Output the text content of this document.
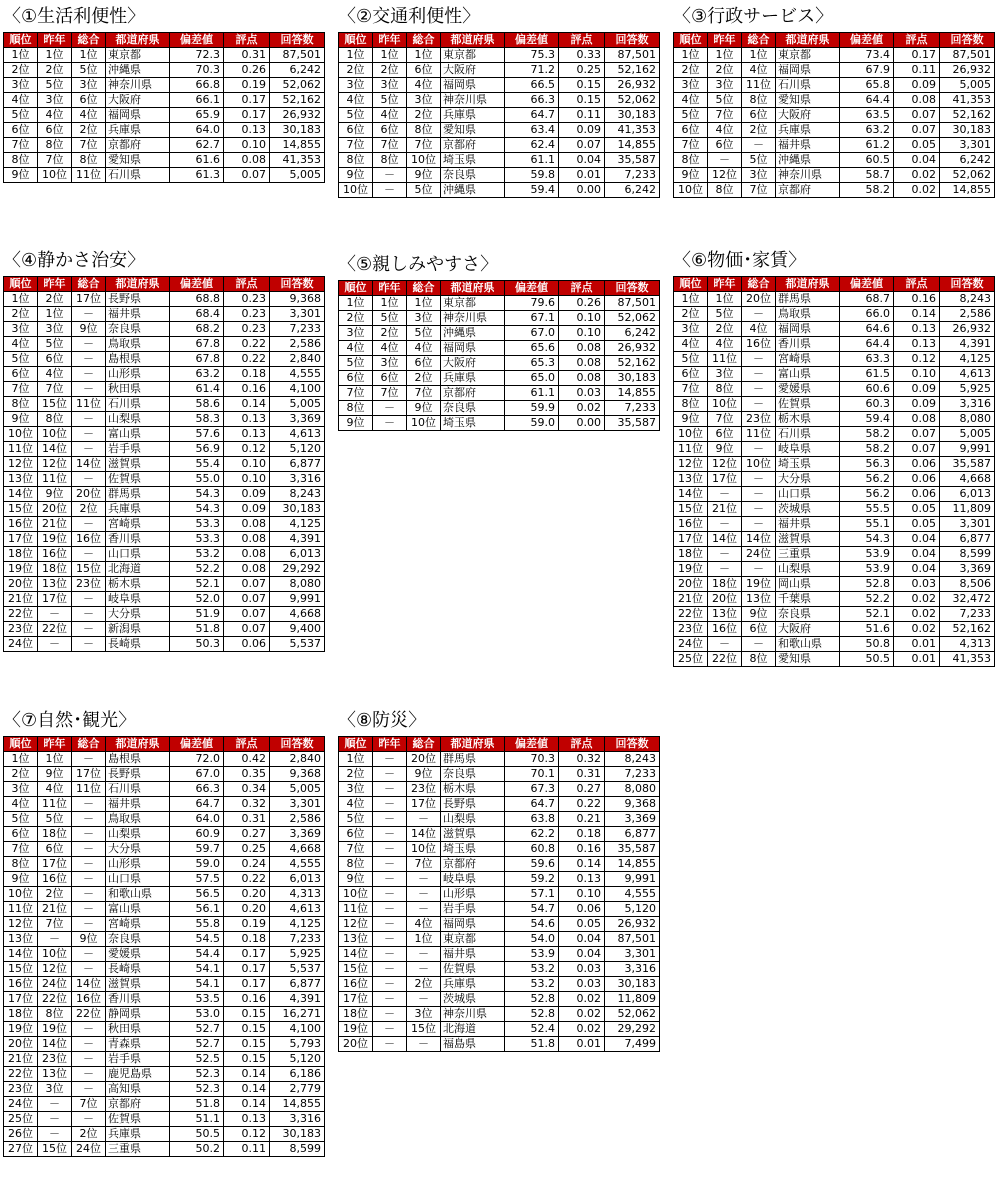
〈①生活利便性〉
順位	昨年	総合	都道府県	偏差値	評点	回答数
1位	1位	1位	東京都	72.3	0.31	87,501
2位	2位	5位	沖縄県	70.3	0.26	6,242
3位	5位	3位	神奈川県	66.8	0.19	52,062
4位	3位	6位	大阪府	66.1	0.17	52,162
5位	4位	4位	福岡県	65.9	0.17	26,932
6位	6位	2位	兵庫県	64.0	0.13	30,183
7位	8位	7位	京都府	62.7	0.10	14,855
8位	7位	8位	愛知県	61.6	0.08	41,353
9位	10位	11位	石川県	61.3	0.07	5,005
〈②交通利便性〉
順位	昨年	総合	都道府県	偏差値	評点	回答数
1位	1位	1位	東京都	75.3	0.33	87,501
2位	2位	6位	大阪府	71.2	0.25	52,162
3位	3位	4位	福岡県	66.5	0.15	26,932
4位	5位	3位	神奈川県	66.3	0.15	52,062
5位	4位	2位	兵庫県	64.7	0.11	30,183
6位	6位	8位	愛知県	63.4	0.09	41,353
7位	7位	7位	京都府	62.4	0.07	14,855
8位	8位	10位	埼玉県	61.1	0.04	35,587
9位	－	9位	奈良県	59.8	0.01	7,233
10位	－	5位	沖縄県	59.4	0.00	6,242
〈③行政サービス〉
順位	昨年	総合	都道府県	偏差値	評点	回答数
1位	1位	1位	東京都	73.4	0.17	87,501
2位	2位	4位	福岡県	67.9	0.11	26,932
3位	3位	11位	石川県	65.8	0.09	5,005
4位	5位	8位	愛知県	64.4	0.08	41,353
5位	7位	6位	大阪府	63.5	0.07	52,162
6位	4位	2位	兵庫県	63.2	0.07	30,183
7位	6位	－	福井県	61.2	0.05	3,301
8位	－	5位	沖縄県	60.5	0.04	6,242
9位	12位	3位	神奈川県	58.7	0.02	52,062
10位	8位	7位	京都府	58.2	0.02	14,855
〈④静かさ治安〉
順位	昨年	総合	都道府県	偏差値	評点	回答数
1位	2位	17位	長野県	68.8	0.23	9,368
2位	1位	－	福井県	68.4	0.23	3,301
3位	3位	9位	奈良県	68.2	0.23	7,233
4位	5位	－	鳥取県	67.8	0.22	2,586
5位	6位	－	島根県	67.8	0.22	2,840
6位	4位	－	山形県	63.2	0.18	4,555
7位	7位	－	秋田県	61.4	0.16	4,100
8位	15位	11位	石川県	58.6	0.14	5,005
9位	8位	－	山梨県	58.3	0.13	3,369
10位	10位	－	富山県	57.6	0.13	4,613
11位	14位	－	岩手県	56.9	0.12	5,120
12位	12位	14位	滋賀県	55.4	0.10	6,877
13位	11位	－	佐賀県	55.0	0.10	3,316
14位	9位	20位	群馬県	54.3	0.09	8,243
15位	20位	2位	兵庫県	54.3	0.09	30,183
16位	21位	－	宮崎県	53.3	0.08	4,125
17位	19位	16位	香川県	53.3	0.08	4,391
18位	16位	－	山口県	53.2	0.08	6,013
19位	18位	15位	北海道	52.2	0.08	29,292
20位	13位	23位	栃木県	52.1	0.07	8,080
21位	17位	－	岐阜県	52.0	0.07	9,991
22位	－	－	大分県	51.9	0.07	4,668
23位	22位	－	新潟県	51.8	0.07	9,400
24位	－	－	長崎県	50.3	0.06	5,537
〈⑤親しみやすさ〉
順位	昨年	総合	都道府県	偏差値	評点	回答数
1位	1位	1位	東京都	79.6	0.26	87,501
2位	5位	3位	神奈川県	67.1	0.10	52,062
3位	2位	5位	沖縄県	67.0	0.10	6,242
4位	4位	4位	福岡県	65.6	0.08	26,932
5位	3位	6位	大阪府	65.3	0.08	52,162
6位	6位	2位	兵庫県	65.0	0.08	30,183
7位	7位	7位	京都府	61.1	0.03	14,855
8位	－	9位	奈良県	59.9	0.02	7,233
9位	－	10位	埼玉県	59.0	0.00	35,587
〈⑥物価･家賃〉
順位	昨年	総合	都道府県	偏差値	評点	回答数
1位	1位	20位	群馬県	68.7	0.16	8,243
2位	5位	－	鳥取県	66.0	0.14	2,586
3位	2位	4位	福岡県	64.6	0.13	26,932
4位	4位	16位	香川県	64.4	0.13	4,391
5位	11位	－	宮崎県	63.3	0.12	4,125
6位	3位	－	富山県	61.5	0.10	4,613
7位	8位	－	愛媛県	60.6	0.09	5,925
8位	10位	－	佐賀県	60.3	0.09	3,316
9位	7位	23位	栃木県	59.4	0.08	8,080
10位	6位	11位	石川県	58.2	0.07	5,005
11位	9位	－	岐阜県	58.2	0.07	9,991
12位	12位	10位	埼玉県	56.3	0.06	35,587
13位	17位	－	大分県	56.2	0.06	4,668
14位	－	－	山口県	56.2	0.06	6,013
15位	21位	－	茨城県	55.5	0.05	11,809
16位	－	－	福井県	55.1	0.05	3,301
17位	14位	14位	滋賀県	54.3	0.04	6,877
18位	－	24位	三重県	53.9	0.04	8,599
19位	－	－	山梨県	53.9	0.04	3,369
20位	18位	19位	岡山県	52.8	0.03	8,506
21位	20位	13位	千葉県	52.2	0.02	32,472
22位	13位	9位	奈良県	52.1	0.02	7,233
23位	16位	6位	大阪府	51.6	0.02	52,162
24位	－	－	和歌山県	50.8	0.01	4,313
25位	22位	8位	愛知県	50.5	0.01	41,353
〈⑦自然･観光〉
順位	昨年	総合	都道府県	偏差値	評点	回答数
1位	1位	－	島根県	72.0	0.42	2,840
2位	9位	17位	長野県	67.0	0.35	9,368
3位	4位	11位	石川県	66.3	0.34	5,005
4位	11位	－	福井県	64.7	0.32	3,301
5位	5位	－	鳥取県	64.0	0.31	2,586
6位	18位	－	山梨県	60.9	0.27	3,369
7位	6位	－	大分県	59.7	0.25	4,668
8位	17位	－	山形県	59.0	0.24	4,555
9位	16位	－	山口県	57.5	0.22	6,013
10位	2位	－	和歌山県	56.5	0.20	4,313
11位	21位	－	富山県	56.1	0.20	4,613
12位	7位	－	宮崎県	55.8	0.19	4,125
13位	－	9位	奈良県	54.5	0.18	7,233
14位	10位	－	愛媛県	54.4	0.17	5,925
15位	12位	－	長崎県	54.1	0.17	5,537
16位	24位	14位	滋賀県	54.1	0.17	6,877
17位	22位	16位	香川県	53.5	0.16	4,391
18位	8位	22位	静岡県	53.0	0.15	16,271
19位	19位	－	秋田県	52.7	0.15	4,100
20位	14位	－	青森県	52.7	0.15	5,793
21位	23位	－	岩手県	52.5	0.15	5,120
22位	13位	－	鹿児島県	52.3	0.14	6,186
23位	3位	－	高知県	52.3	0.14	2,779
24位	－	7位	京都府	51.8	0.14	14,855
25位	－	－	佐賀県	51.1	0.13	3,316
26位	－	2位	兵庫県	50.5	0.12	30,183
27位	15位	24位	三重県	50.2	0.11	8,599
〈⑧防災〉
順位	昨年	総合	都道府県	偏差値	評点	回答数
1位	－	20位	群馬県	70.3	0.32	8,243
2位	－	9位	奈良県	70.1	0.31	7,233
3位	－	23位	栃木県	67.3	0.27	8,080
4位	－	17位	長野県	64.7	0.22	9,368
5位	－	－	山梨県	63.8	0.21	3,369
6位	－	14位	滋賀県	62.2	0.18	6,877
7位	－	10位	埼玉県	60.8	0.16	35,587
8位	－	7位	京都府	59.6	0.14	14,855
9位	－	－	岐阜県	59.2	0.13	9,991
10位	－	－	山形県	57.1	0.10	4,555
11位	－	－	岩手県	54.7	0.06	5,120
12位	－	4位	福岡県	54.6	0.05	26,932
13位	－	1位	東京都	54.0	0.04	87,501
14位	－	－	福井県	53.9	0.04	3,301
15位	－	－	佐賀県	53.2	0.03	3,316
16位	－	2位	兵庫県	53.2	0.03	30,183
17位	－	－	茨城県	52.8	0.02	11,809
18位	－	3位	神奈川県	52.8	0.02	52,062
19位	－	15位	北海道	52.4	0.02	29,292
20位	－	－	福島県	51.8	0.01	7,499
